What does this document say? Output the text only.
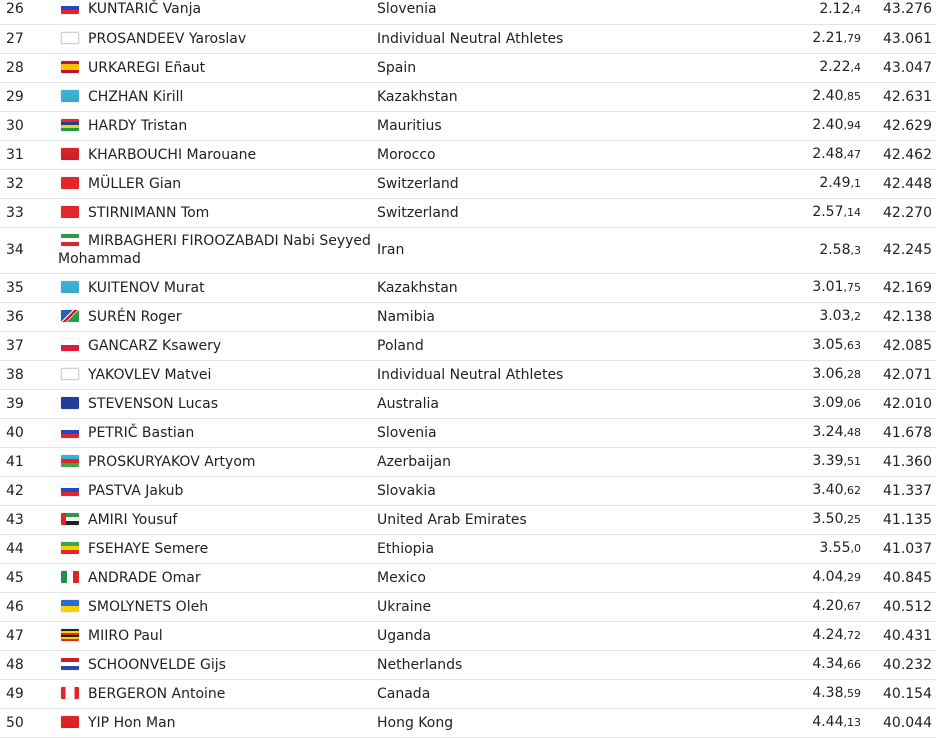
26	KUNTARIČ Vanja	Slovenia	2.12,4	43.276
27	PROSANDEEV Yaroslav	Individual Neutral Athletes	2.21,79	43.061
28	URKAREGI Eñaut	Spain	2.22,4	43.047
29	CHZHAN Kirill	Kazakhstan	2.40,85	42.631
30	HARDY Tristan	Mauritius	2.40,94	42.629
31	KHARBOUCHI Marouane	Morocco	2.48,47	42.462
32	MÜLLER Gian	Switzerland	2.49,1	42.448
33	STIRNIMANN Tom	Switzerland	2.57,14	42.270
34	MIRBAGHERI FIROOZABADI Nabi Seyyed Mohammad	Iran	2.58,3	42.245
35	KUITENOV Murat	Kazakhstan	3.01,75	42.169
36	SURÉN Roger	Namibia	3.03,2	42.138
37	GANCARZ Ksawery	Poland	3.05,63	42.085
38	YAKOVLEV Matvei	Individual Neutral Athletes	3.06,28	42.071
39	STEVENSON Lucas	Australia	3.09,06	42.010
40	PETRIČ Bastian	Slovenia	3.24,48	41.678
41	PROSKURYAKOV Artyom	Azerbaijan	3.39,51	41.360
42	PASTVA Jakub	Slovakia	3.40,62	41.337
43	AMIRI Yousuf	United Arab Emirates	3.50,25	41.135
44	FSEHAYE Semere	Ethiopia	3.55,0	41.037
45	ANDRADE Omar	Mexico	4.04,29	40.845
46	SMOLYNETS Oleh	Ukraine	4.20,67	40.512
47	MIIRO Paul	Uganda	4.24,72	40.431
48	SCHOONVELDE Gijs	Netherlands	4.34,66	40.232
49	BERGERON Antoine	Canada	4.38,59	40.154
50	YIP Hon Man	Hong Kong	4.44,13	40.044
